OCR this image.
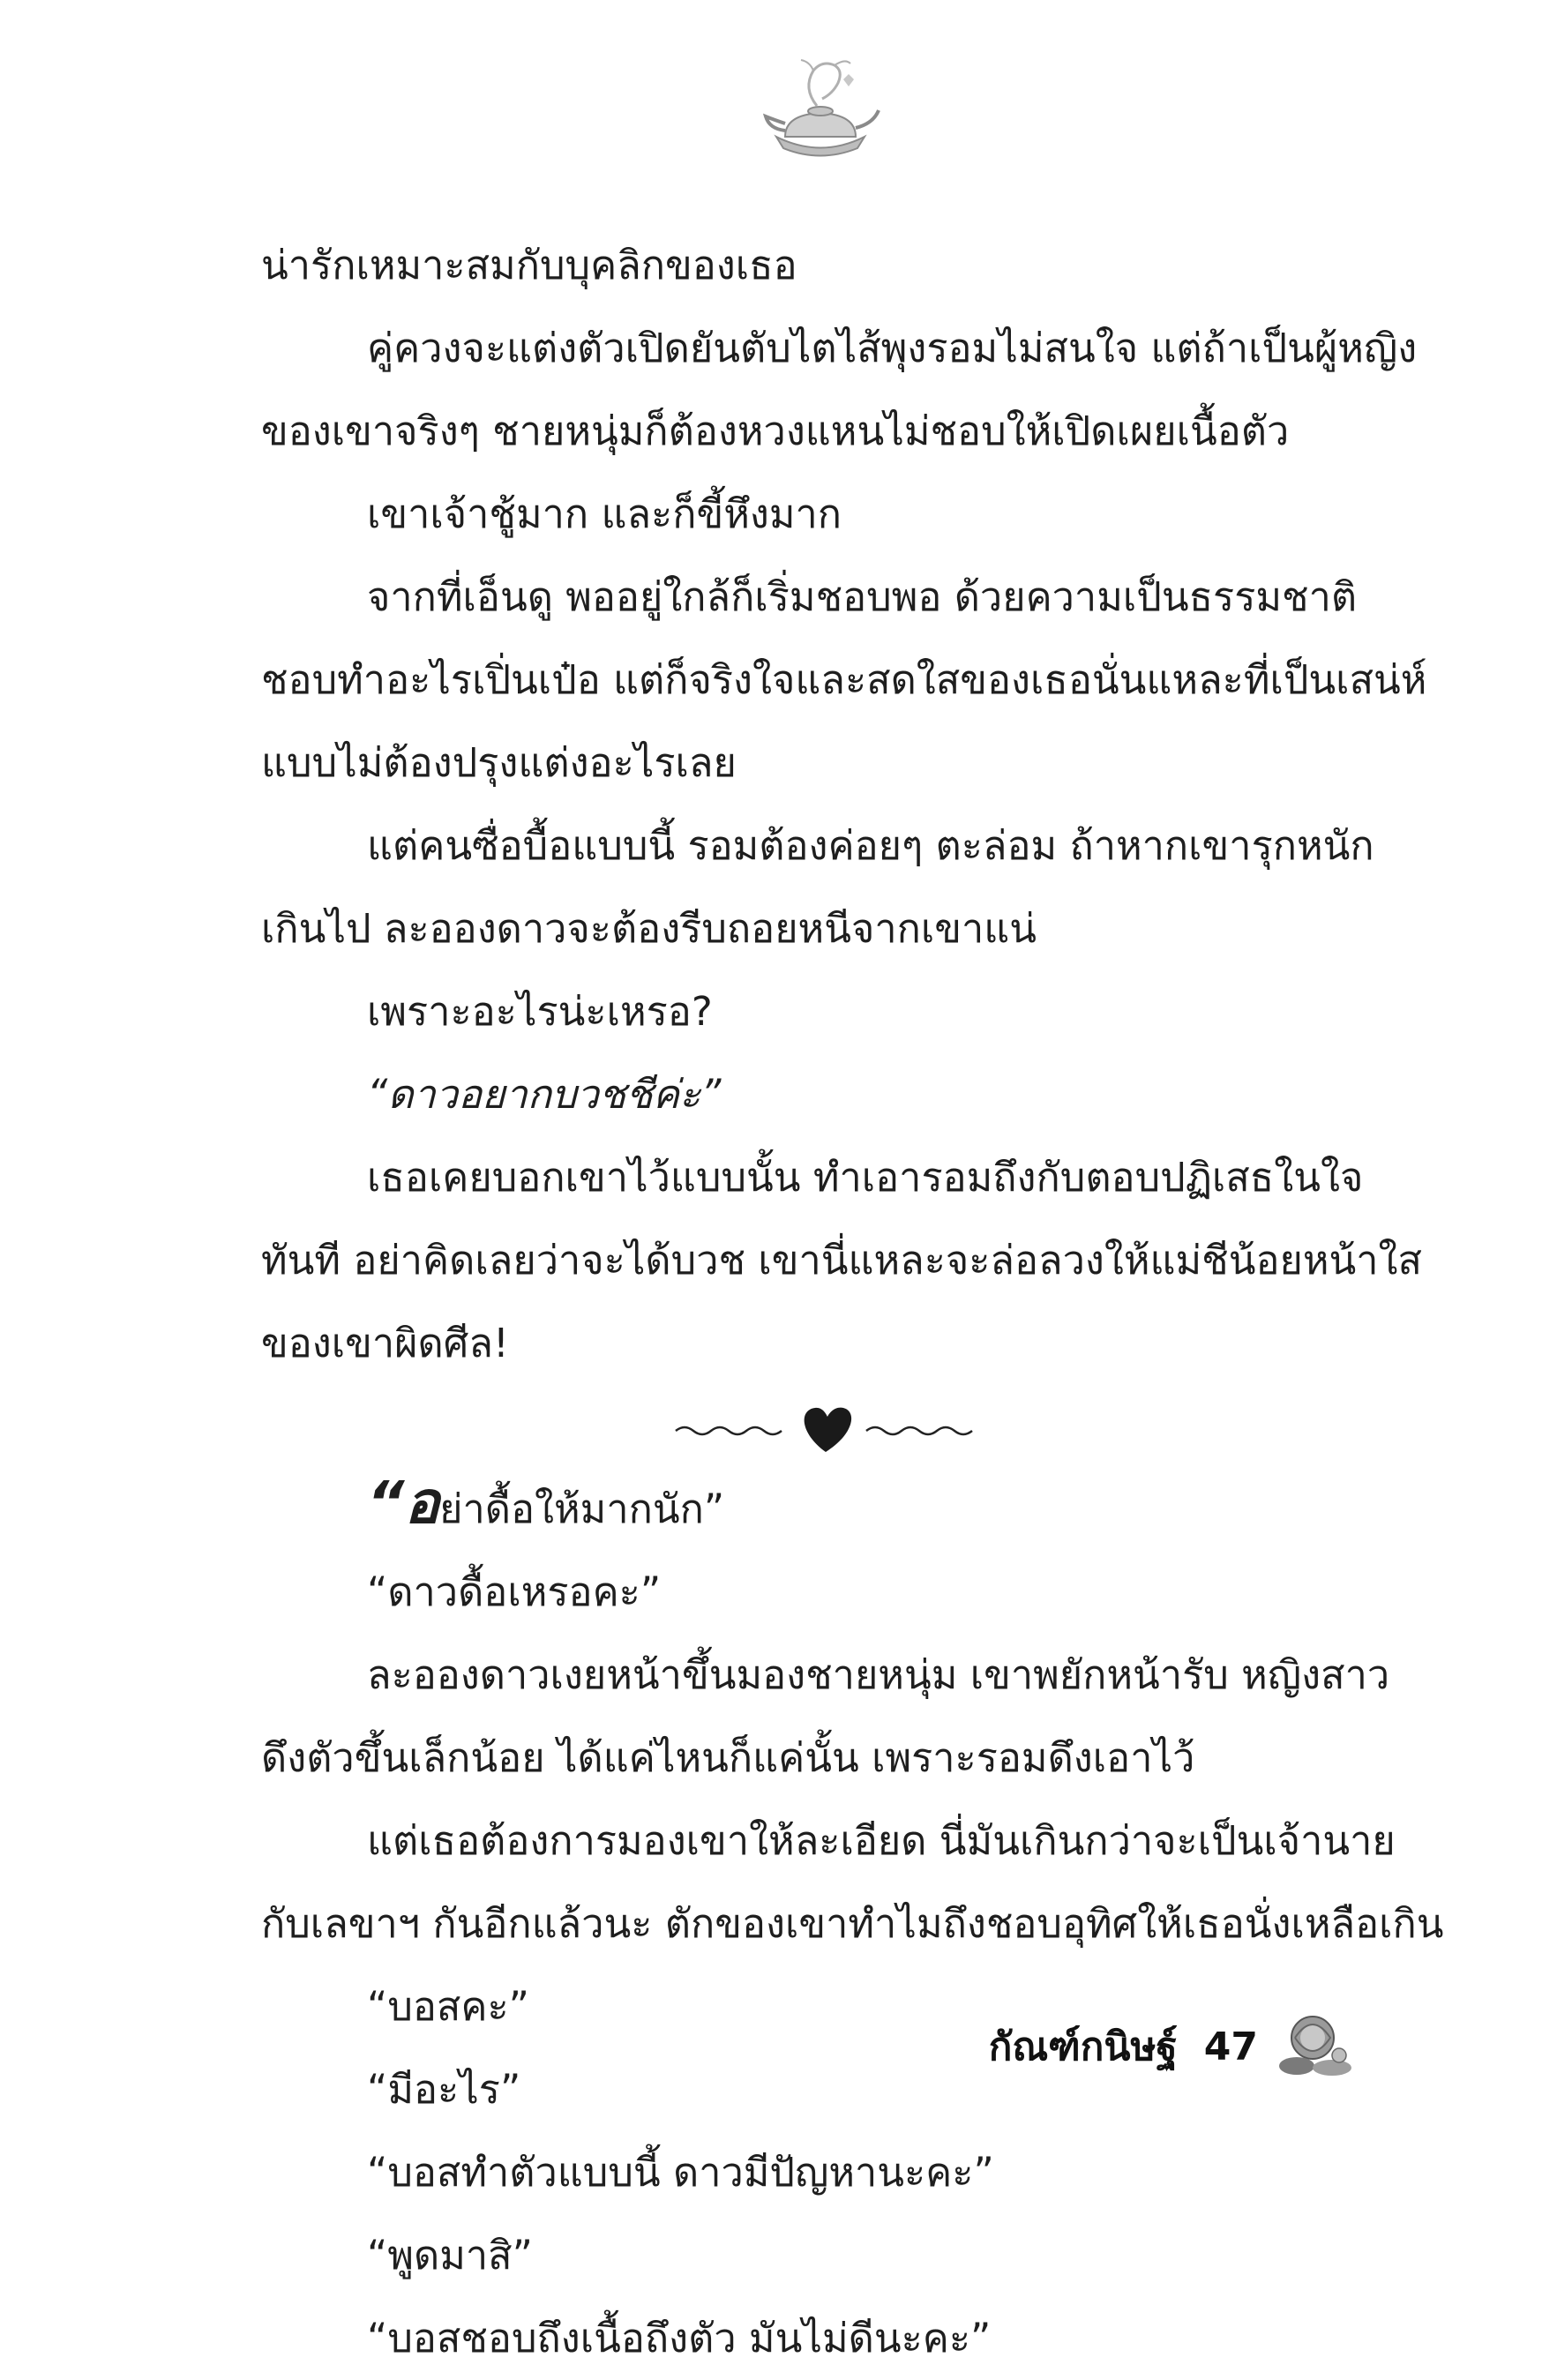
น่ารักเหมาะสมกับบุคลิกของเธอ

คู่ควงจะแต่งตัวเปิดยันตับไตไส้พุงรอมไม่สนใจ แต่ถ้าเป็นผู้หญิง

ของเขาจริงๆ ชายหนุ่มก็ต้องหวงแหนไม่ชอบให้เปิดเผยเนื้อตัว

เขาเจ้าชู้มาก และก็ขี้หึงมาก

จากที่เอ็นดู พออยู่ใกล้ก็เริ่มชอบพอ ด้วยความเป็นธรรมชาติ

ชอบทำอะไรเปิ่นเป๋อ แต่ก็จริงใจและสดใสของเธอนั่นแหละที่เป็นเสน่ห์

แบบไม่ต้องปรุงแต่งอะไรเลย

แต่คนซื่อบื้อแบบนี้ รอมต้องค่อยๆ ตะล่อม ถ้าหากเขารุกหนัก

เกินไป ละอองดาวจะต้องรีบถอยหนีจากเขาแน่

เพราะอะไรน่ะเหรอ?

“ดาวอยากบวชชีค่ะ”

เธอเคยบอกเขาไว้แบบนั้น ทำเอารอมถึงกับตอบปฏิเสธในใจ

ทันที อย่าคิดเลยว่าจะได้บวช เขานี่แหละจะล่อลวงให้แม่ชีน้อยหน้าใส

ของเขาผิดศีล!

“อย่าดื้อให้มากนัก”

“ดาวดื้อเหรอคะ”

ละอองดาวเงยหน้าขึ้นมองชายหนุ่ม เขาพยักหน้ารับ หญิงสาว

ดึงตัวขึ้นเล็กน้อย ได้แค่ไหนก็แค่นั้น เพราะรอมดึงเอาไว้

แต่เธอต้องการมองเขาให้ละเอียด นี่มันเกินกว่าจะเป็นเจ้านาย

กับเลขาฯ กันอีกแล้วนะ ตักของเขาทำไมถึงชอบอุทิศให้เธอนั่งเหลือเกิน

“บอสคะ”

“มีอะไร”

“บอสทำตัวแบบนี้ ดาวมีปัญหานะคะ”

“พูดมาสิ”

“บอสชอบถึงเนื้อถึงตัว มันไม่ดีนะคะ”

กัณฑ์กนิษฐ์ 47
